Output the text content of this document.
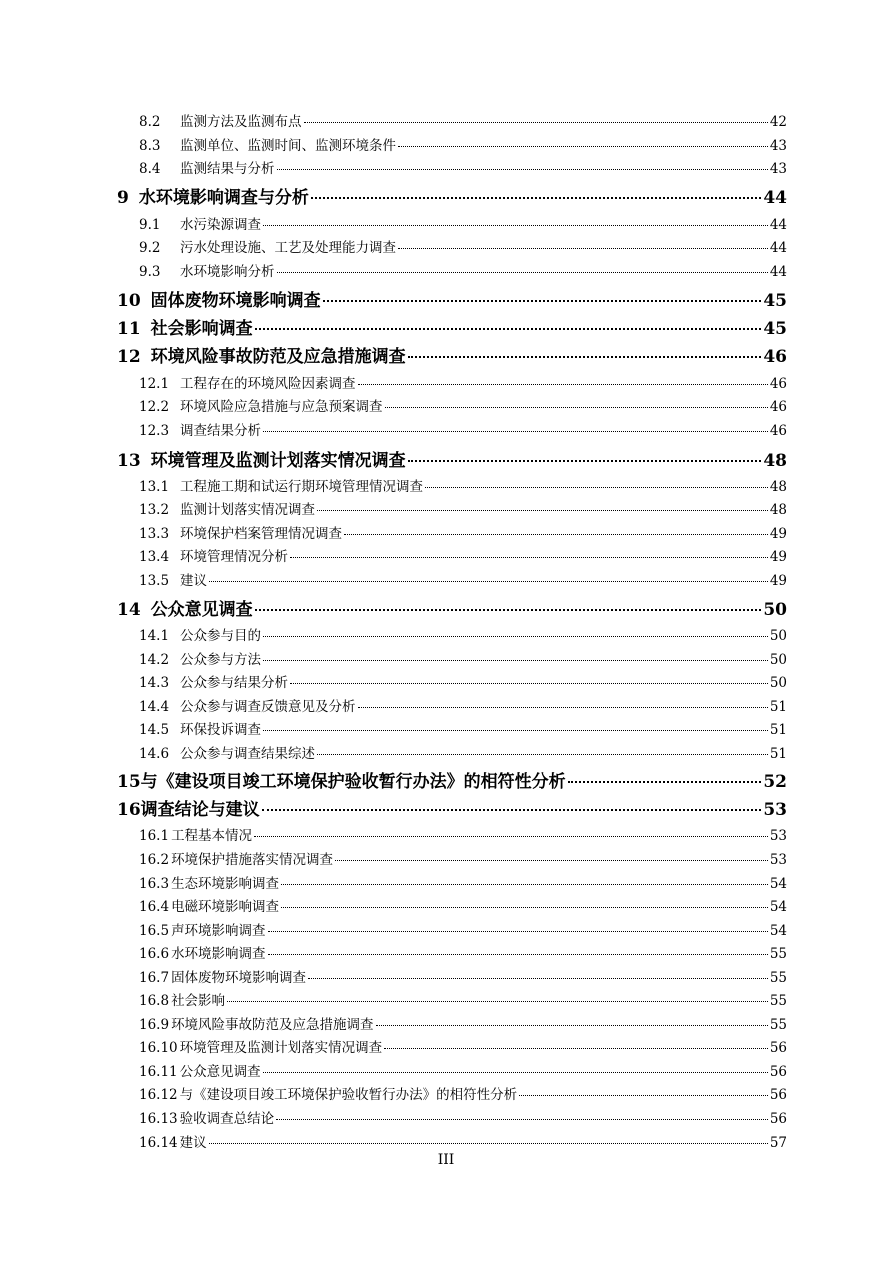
8.2	监测方法及监测布点	42
8.3	监测单位、监测时间、监测环境条件	43
8.4	监测结果与分析	43
9 水环境影响调查与分析	44
9.1	水污染源调查	44
9.2	污水处理设施、工艺及处理能力调查	44
9.3	水环境影响分析	44
10 固体废物环境影响调查	45
11 社会影响调查	45
12 环境风险事故防范及应急措施调查	46
12.1 工程存在的环境风险因素调查	46
12.2 环境风险应急措施与应急预案调查	46
12.3 调查结果分析	46
13 环境管理及监测计划落实情况调查	48
13.1 工程施工期和试运行期环境管理情况调查	48
13.2 监测计划落实情况调查	48
13.3 环境保护档案管理情况调查	49
13.4 环境管理情况分析	49
13.5 建议	49
14 公众意见调查	50
14.1 公众参与目的	50
14.2 公众参与方法	50
14.3 公众参与结果分析	50
14.4 公众参与调查反馈意见及分析	51
14.5 环保投诉调查	51
14.6 公众参与调查结果综述	51
15 与《建设项目竣工环境保护验收暂行办法》的相符性分析	52
16 调查结论与建议	53
16.1 工程基本情况	53
16.2 环境保护措施落实情况调查	53
16.3 生态环境影响调查	54
16.4 电磁环境影响调查	54
16.5 声环境影响调查	54
16.6 水环境影响调查	55
16.7 固体废物环境影响调查	55
16.8 社会影响	55
16.9 环境风险事故防范及应急措施调查	55
16.10 环境管理及监测计划落实情况调查	56
16.11 公众意见调查	56
16.12 与《建设项目竣工环境保护验收暂行办法》的相符性分析	56
16.13 验收调查总结论	56
16.14 建议	57
III
